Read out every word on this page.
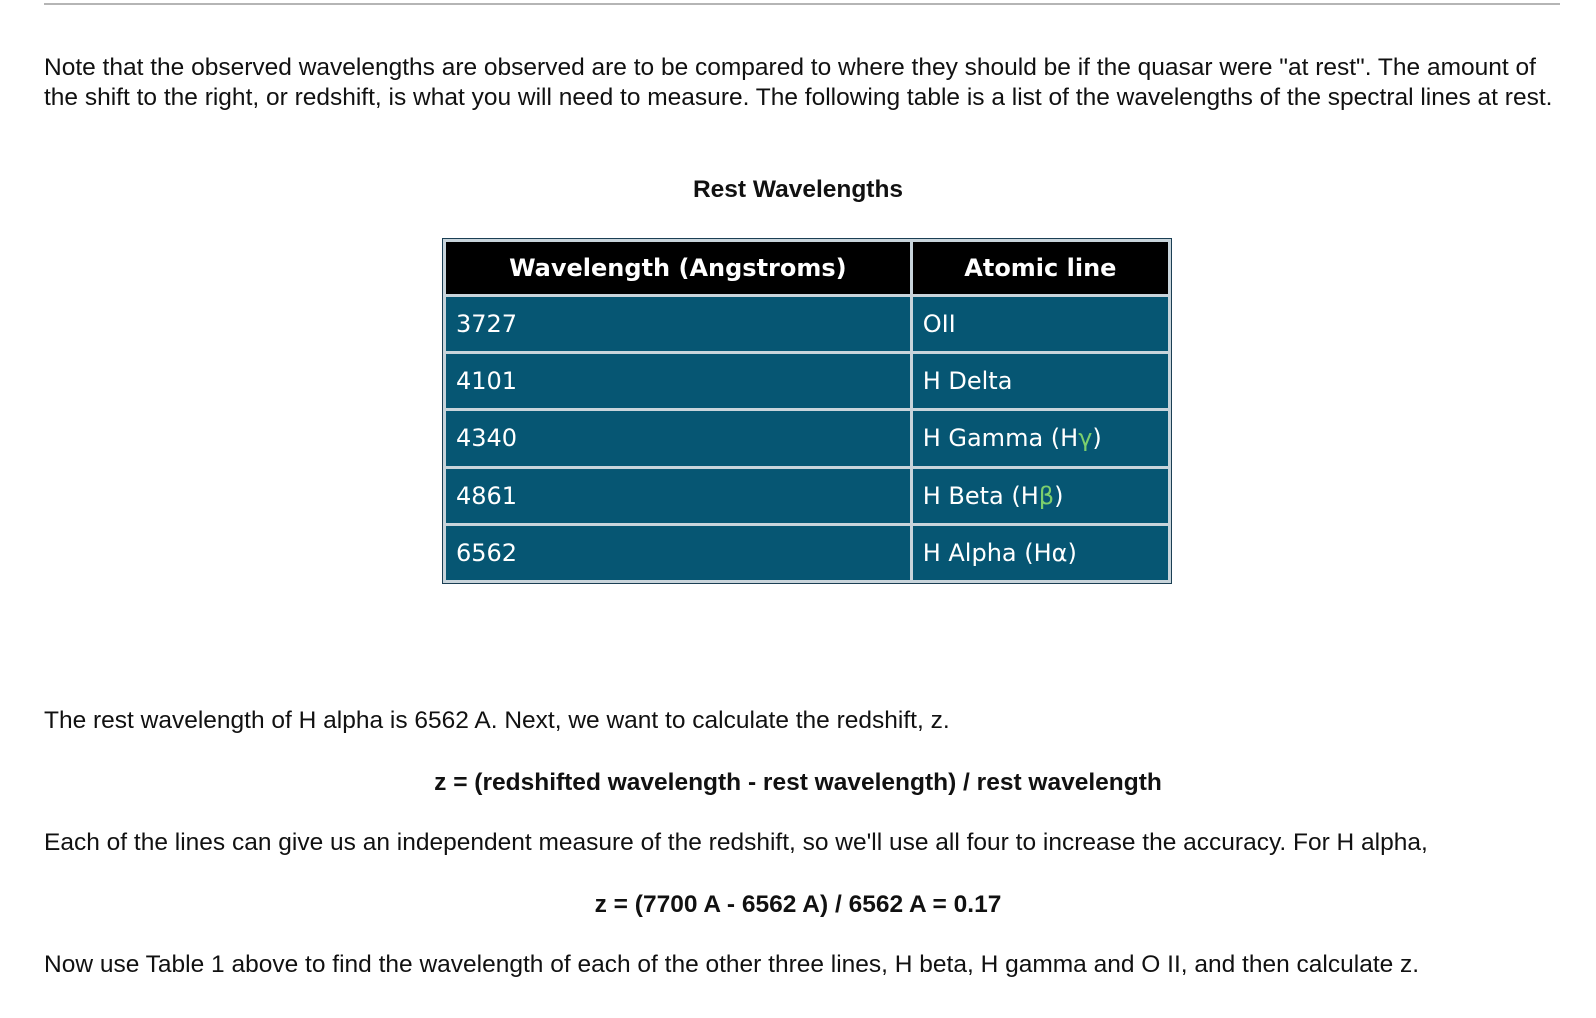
Note that the observed wavelengths are observed are to be compared to where they should be if the quasar were "at rest". The amount of the shift to the right, or redshift, is what you will need to measure. The following table is a list of the wavelengths of the spectral lines at rest.

Rest Wavelengths

Wavelength (Angstroms)	Atomic line
3727	OII
4101	H Delta
4340	H Gamma (Hγ)
4861	H Beta (Hβ)
6562	H Alpha (Hα)

The rest wavelength of H alpha is 6562 A. Next, we want to calculate the redshift, z.

z = (redshifted wavelength - rest wavelength) / rest wavelength

Each of the lines can give us an independent measure of the redshift, so we'll use all four to increase the accuracy. For H alpha,

z = (7700 A - 6562 A) / 6562 A = 0.17

Now use Table 1 above to find the wavelength of each of the other three lines, H beta, H gamma and O II, and then calculate z.
